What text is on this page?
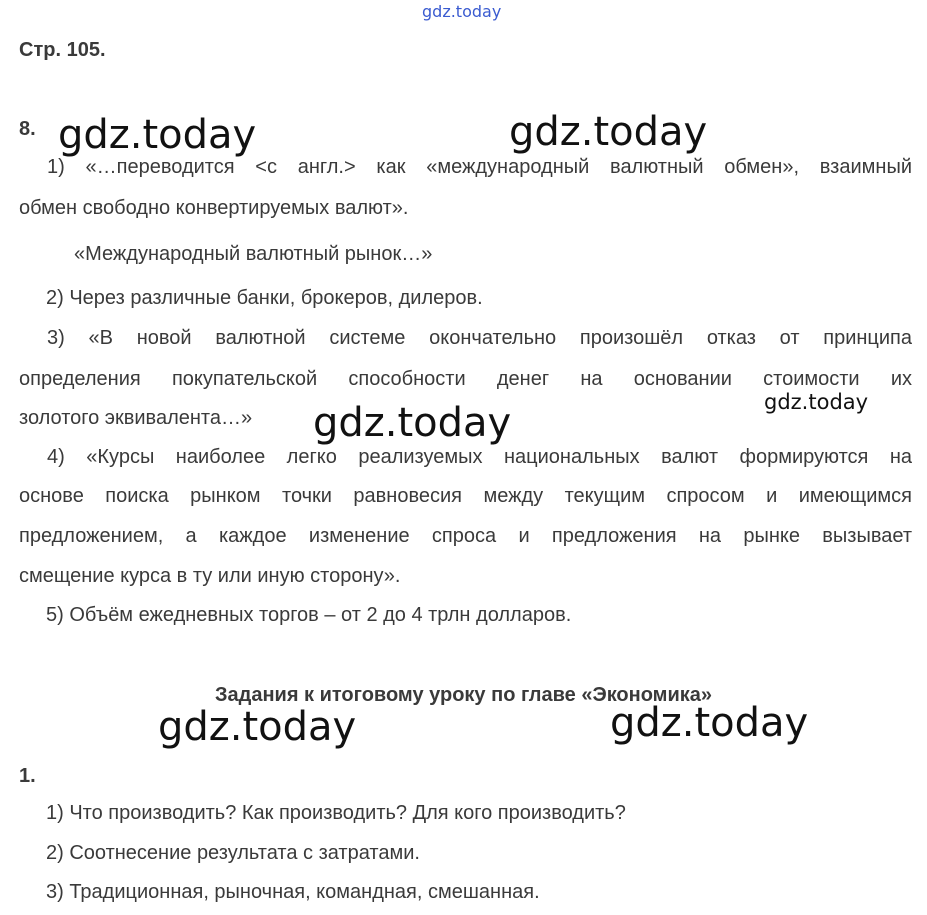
gdz.today
Стр. 105.
8.
1) «…переводится <с англ.> как «международный валютный обмен», взаимный
обмен свободно конвертируемых валют».
«Международный валютный рынок…»
2) Через различные банки, брокеров, дилеров.
3) «В новой валютной системе окончательно произошёл отказ от принципа
определения покупательской способности денег на основании стоимости их
золотого эквивалента…»
4) «Курсы наиболее легко реализуемых национальных валют формируются на
основе поиска рынком точки равновесия между текущим спросом и имеющимся
предложением, а каждое изменение спроса и предложения на рынке вызывает
смещение курса в ту или иную сторону».
5) Объём ежедневных торгов – от 2 до 4 трлн долларов.
Задания к итоговому уроку по главе «Экономика»
1.
1) Что производить? Как производить? Для кого производить?
2) Соотнесение результата с затратами.
3) Традиционная, рыночная, командная, смешанная.
gdz.today	gdz.today
gdz.today
gdz.today
gdz.today	gdz.today
